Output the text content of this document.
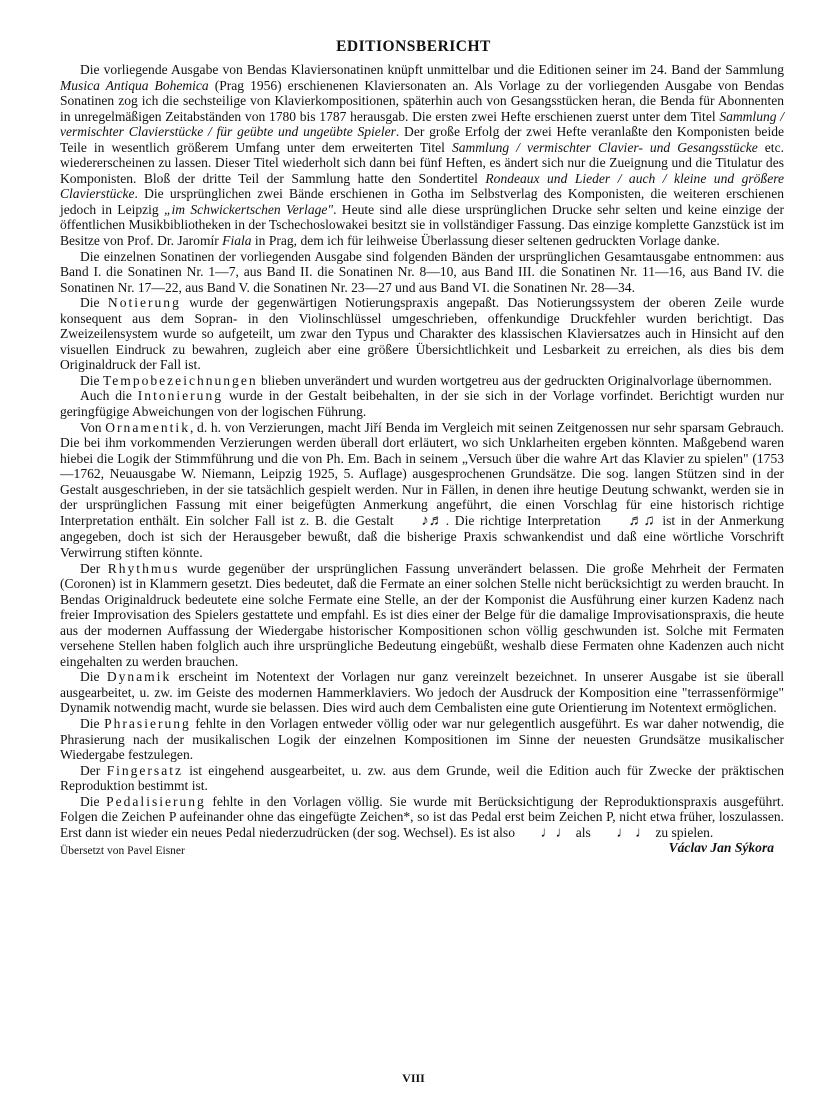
EDITIONSBERICHT

Die vorliegende Ausgabe von Bendas Klaviersonatinen knüpft unmittelbar und die Editionen seiner im 24. Band der Sammlung Musica Antiqua Bohemica (Prag 1956) erschienenen Klaviersonaten an. Als Vorlage zu der vorliegenden Ausgabe von Bendas Sonatinen zog ich die sechsteilige von Klavierkompositionen, späterhin auch von Gesangsstücken heran, die Benda für Abonnenten in unregelmäßigen Zeitabständen von 1780 bis 1787 herausgab. Die ersten zwei Hefte erschienen zuerst unter dem Titel Sammlung / vermischter Clavierstücke / für geübte und ungeübte Spieler. Der große Erfolg der zwei Hefte veranlaßte den Komponisten beide Teile in wesentlich größerem Umfang unter dem erweiterten Titel Sammlung / vermischter Clavier- und Gesangsstücke etc. wiedererscheinen zu lassen. Dieser Titel wiederholt sich dann bei fünf Heften, es ändert sich nur die Zueignung und die Titulatur des Komponisten. Bloß der dritte Teil der Sammlung hatte den Sondertitel Rondeaux und Lieder / auch / kleine und größere Clavierstücke. Die ursprünglichen zwei Bände erschienen in Gotha im Selbstverlag des Komponisten, die weiteren erschienen jedoch in Leipzig „im Schwickertschen Verlage". Heute sind alle diese ursprünglichen Drucke sehr selten und keine einzige der öffentlichen Musikbibliotheken in der Tschechoslowakei besitzt sie in vollständiger Fassung. Das einzige komplette Ganzstück ist im Besitze von Prof. Dr. Jaromír Fiala in Prag, dem ich für leihweise Überlassung dieser seltenen gedruckten Vorlage danke.

Die einzelnen Sonatinen der vorliegenden Ausgabe sind folgenden Bänden der ursprünglichen Gesamtausgabe entnommen: aus Band I. die Sonatinen Nr. 1—7, aus Band II. die Sonatinen Nr. 8—10, aus Band III. die Sonatinen Nr. 11—16, aus Band IV. die Sonatinen Nr. 17—22, aus Band V. die Sonatinen Nr. 23—27 und aus Band VI. die Sonatinen Nr. 28—34.

Die Notierung wurde der gegenwärtigen Notierungspraxis angepaßt. Das Notierungssystem der oberen Zeile wurde konsequent aus dem Sopran- in den Violinschlüssel umgeschrieben, offenkundige Druckfehler wurden berichtigt. Das Zweizeilensystem wurde so aufgeteilt, um zwar den Typus und Charakter des klassischen Klaviersatzes auch in Hinsicht auf den visuellen Eindruck zu bewahren, zugleich aber eine größere Übersichtlichkeit und Lesbarkeit zu erreichen, als dies bis dem Originaldruck der Fall ist.

Die Tempobezeichnungen blieben unverändert und wurden wortgetreu aus der gedruckten Originalvorlage übernommen.

Auch die Intonierung wurde in der Gestalt beibehalten, in der sie sich in der Vorlage vorfindet. Berichtigt wurden nur geringfügige Abweichungen von der logischen Führung.

Von Ornamentik, d. h. von Verzierungen, macht Jiří Benda im Vergleich mit seinen Zeitgenossen nur sehr sparsam Gebrauch. Die bei ihm vorkommenden Verzierungen werden überall dort erläutert, wo sich Unklarheiten ergeben könnten. Maßgebend waren hiebei die Logik der Stimmführung und die von Ph. Em. Bach in seinem „Versuch über die wahre Art das Klavier zu spielen" (1753—1762, Neuausgabe W. Niemann, Leipzig 1925, 5. Auflage) ausgesprochenen Grundsätze. Die sog. langen Stützen sind in der Gestalt ausgeschrieben, in der sie tatsächlich gespielt werden. Nur in Fällen, in denen ihre heutige Deutung schwankt, werden sie in der ursprünglichen Fassung mit einer beigefügten Anmerkung angeführt, die einen Vorschlag für eine historisch richtige Interpretation enthält. Ein solcher Fall ist z. B. die Gestalt ♪♬ . Die richtige Interpretation ♬♫ ist in der Anmerkung angegeben, doch ist sich der Herausgeber bewußt, daß die bisherige Praxis schwankendist und daß eine wörtliche Vorschrift Verwirrung stiften könnte.

Der Rhythmus wurde gegenüber der ursprünglichen Fassung unverändert belassen. Die große Mehrheit der Fermaten (Coronen) ist in Klammern gesetzt. Dies bedeutet, daß die Fermate an einer solchen Stelle nicht berücksichtigt zu werden braucht. In Bendas Originaldruck bedeutete eine solche Fermate eine Stelle, an der der Komponist die Ausführung einer kurzen Kadenz nach freier Improvisation des Spielers gestattete und empfahl. Es ist dies einer der Belge für die damalige Improvisationspraxis, die heute aus der modernen Auffassung der Wiedergabe historischer Kompositionen schon völlig geschwunden ist. Solche mit Fermaten versehene Stellen haben folglich auch ihre ursprüngliche Bedeutung eingebüßt, weshalb diese Fermaten ohne Kadenzen auch nicht eingehalten zu werden brauchen.

Die Dynamik erscheint im Notentext der Vorlagen nur ganz vereinzelt bezeichnet. In unserer Ausgabe ist sie überall ausgearbeitet, u. zw. im Geiste des modernen Hammerklaviers. Wo jedoch der Ausdruck der Komposition eine "terrassenförmige" Dynamik notwendig macht, wurde sie belassen. Dies wird auch dem Cembalisten eine gute Orientierung im Notentext ermöglichen.

Die Phrasierung fehlte in den Vorlagen entweder völlig oder war nur gelegentlich ausgeführt. Es war daher notwendig, die Phrasierung nach der musikalischen Logik der einzelnen Kompositionen im Sinne der neuesten Grundsätze musikalischer Wiedergabe festzulegen.

Der Fingersatz ist eingehend ausgearbeitet, u. zw. aus dem Grunde, weil die Edition auch für Zwecke der präktischen Reproduktion bestimmt ist.

Die Pedalisierung fehlte in den Vorlagen völlig. Sie wurde mit Berücksichtigung der Reproduktionspraxis ausgeführt. Folgen die Zeichen P aufeinander ohne das eingefügte Zeichen*, so ist das Pedal erst beim Zeichen P, nicht etwa früher, loszulassen. Erst dann ist wieder ein neues Pedal niederzudrücken (der sog. Wechsel). Es ist also ♩♩ als ♩ ♩ zu spielen.

Übersetzt von Pavel Eisner	Václav Jan Sýkora
VIII
